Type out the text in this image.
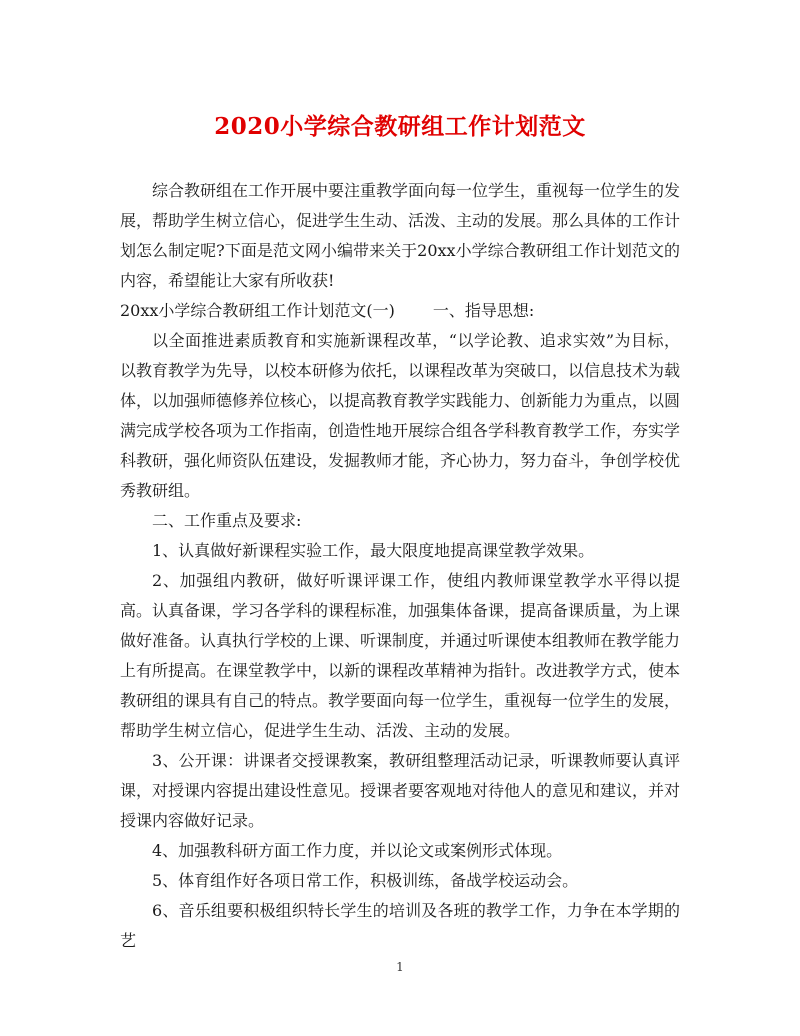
2020小学综合教研组工作计划范文

综合教研组在工作开展中要注重教学面向每一位学生，重视每一位学生的发展，帮助学生树立信心，促进学生生动、活泼、主动的发展。那么具体的工作计划怎么制定呢?下面是范文网小编带来关于20xx小学综合教研组工作计划范文的内容，希望能让大家有所收获!

20xx小学综合教研组工作计划范文(一) 一、指导思想:

以全面推进素质教育和实施新课程改革，“以学论教、追求实效”为目标，以教育教学为先导，以校本研修为依托，以课程改革为突破口，以信息技术为载体，以加强师德修养位核心，以提高教育教学实践能力、创新能力为重点，以圆满完成学校各项为工作指南，创造性地开展综合组各学科教育教学工作，夯实学科教研，强化师资队伍建设，发掘教师才能，齐心协力，努力奋斗，争创学校优秀教研组。

二、工作重点及要求:

1、认真做好新课程实验工作，最大限度地提高课堂教学效果。

2、加强组内教研，做好听课评课工作，使组内教师课堂教学水平得以提高。认真备课，学习各学科的课程标准，加强集体备课，提高备课质量，为上课做好准备。认真执行学校的上课、听课制度，并通过听课使本组教师在教学能力上有所提高。在课堂教学中，以新的课程改革精神为指针。改进教学方式，使本教研组的课具有自己的特点。教学要面向每一位学生，重视每一位学生的发展，帮助学生树立信心，促进学生生动、活泼、主动的发展。

3、公开课：讲课者交授课教案，教研组整理活动记录，听课教师要认真评课，对授课内容提出建设性意见。授课者要客观地对待他人的意见和建议，并对授课内容做好记录。

4、加强教科研方面工作力度，并以论文或案例形式体现。

5、体育组作好各项日常工作，积极训练，备战学校运动会。

6、音乐组要积极组织特长学生的培训及各班的教学工作，力争在本学期的艺

1
